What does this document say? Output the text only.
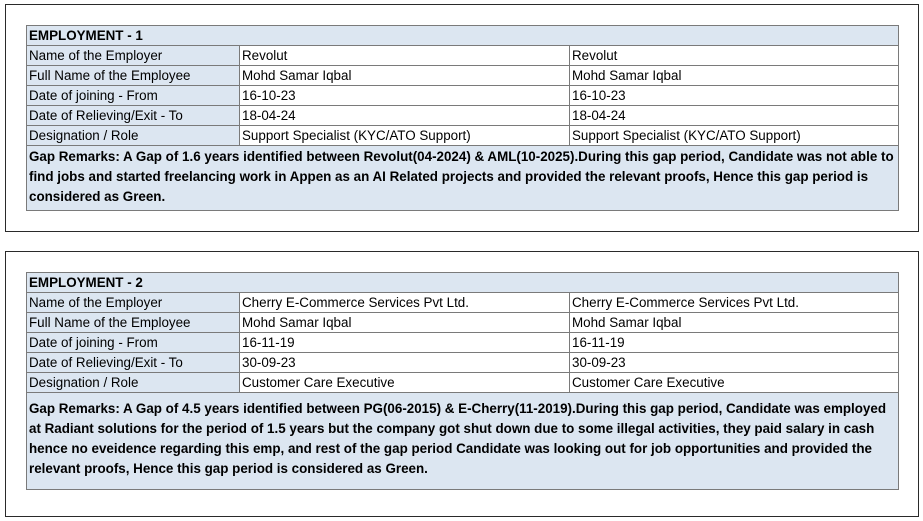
EMPLOYMENT - 1		
Name of the Employer	Revolut	Revolut
Full Name of the Employee	Mohd Samar Iqbal	Mohd Samar Iqbal
Date of joining - From	16-10-23	16-10-23
Date of Relieving/Exit - To	18-04-24	18-04-24
Designation / Role	Support Specialist (KYC/ATO Support)	Support Specialist (KYC/ATO Support)
Gap Remarks: A Gap of 1.6 years identified between Revolut(04-2024) & AML(10-2025).During this gap period, Candidate was not able to find jobs and started freelancing work in Appen as an AI Related projects and provided the relevant proofs, Hence this gap period is considered as Green.		
EMPLOYMENT - 2		
Name of the Employer	Cherry E-Commerce Services Pvt Ltd.	Cherry E-Commerce Services Pvt Ltd.
Full Name of the Employee	Mohd Samar Iqbal	Mohd Samar Iqbal
Date of joining - From	16-11-19	16-11-19
Date of Relieving/Exit - To	30-09-23	30-09-23
Designation / Role	Customer Care Executive	Customer Care Executive
Gap Remarks: A Gap of 4.5 years identified between PG(06-2015) & E-Cherry(11-2019).During this gap period, Candidate was employed at Radiant solutions for the period of 1.5 years but the company got shut down due to some illegal activities, they paid salary in cash hence no eveidence regarding this emp, and rest of the gap period Candidate was looking out for job opportunities and provided the relevant proofs, Hence this gap period is considered as Green.		
